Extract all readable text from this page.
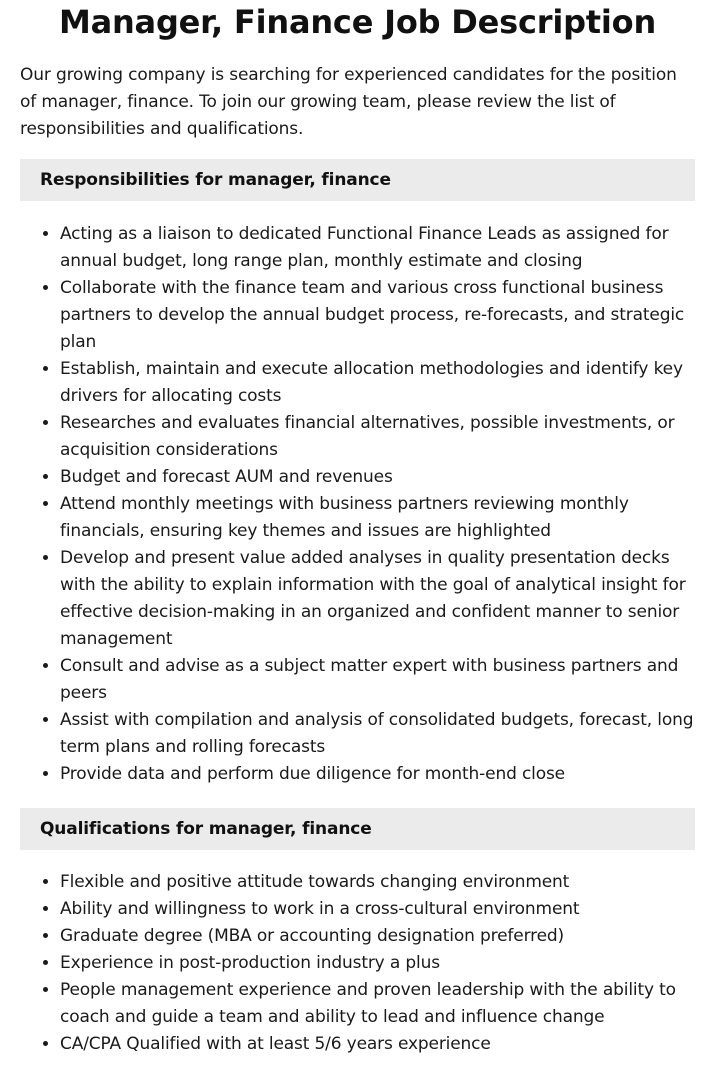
Manager, Finance Job Description

Our growing company is searching for experienced candidates for the position of manager, finance. To join our growing team, please review the list of responsibilities and qualifications.

Responsibilities for manager, finance
• Acting as a liaison to dedicated Functional Finance Leads as assigned for annual budget, long range plan, monthly estimate and closing
• Collaborate with the finance team and various cross functional business partners to develop the annual budget process, re-forecasts, and strategic plan
• Establish, maintain and execute allocation methodologies and identify key drivers for allocating costs
• Researches and evaluates financial alternatives, possible investments, or acquisition considerations
• Budget and forecast AUM and revenues
• Attend monthly meetings with business partners reviewing monthly financials, ensuring key themes and issues are highlighted
• Develop and present value added analyses in quality presentation decks with the ability to explain information with the goal of analytical insight for effective decision-making in an organized and confident manner to senior management
• Consult and advise as a subject matter expert with business partners and peers
• Assist with compilation and analysis of consolidated budgets, forecast, long term plans and rolling forecasts
• Provide data and perform due diligence for month-end close
Qualifications for manager, finance
• Flexible and positive attitude towards changing environment
• Ability and willingness to work in a cross-cultural environment
• Graduate degree (MBA or accounting designation preferred)
• Experience in post-production industry a plus
• People management experience and proven leadership with the ability to coach and guide a team and ability to lead and influence change
• CA/CPA Qualified with at least 5/6 years experience
